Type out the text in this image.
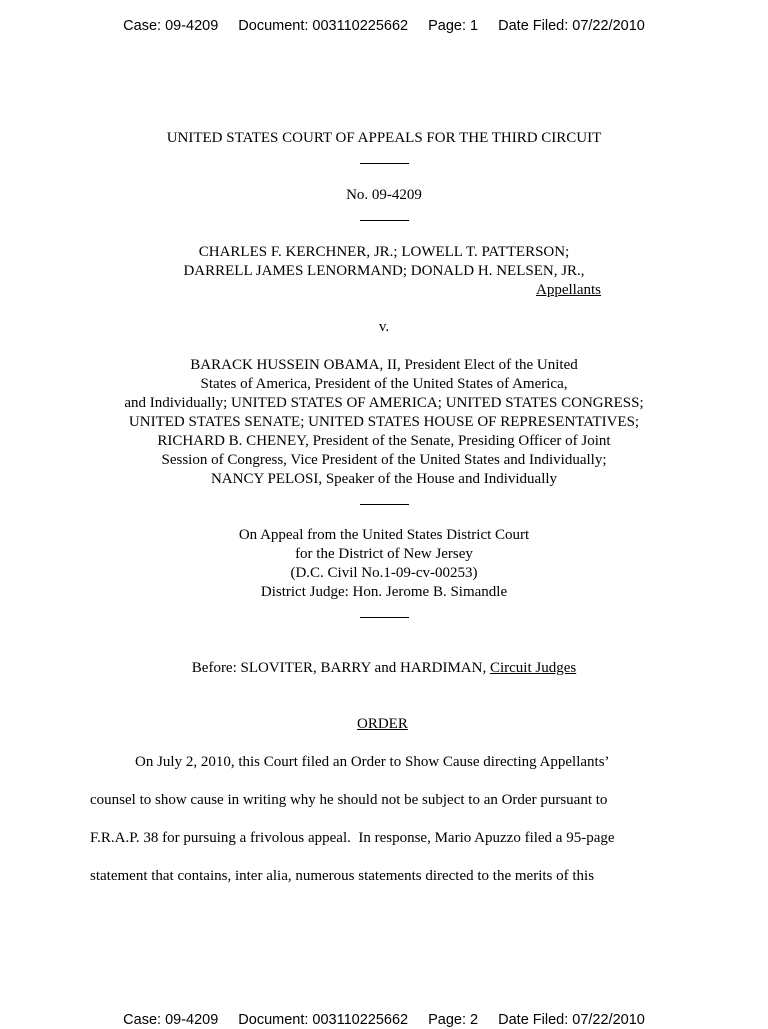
Case: 09-4209 Document: 003110225662 Page: 1 Date Filed: 07/22/2010
UNITED STATES COURT OF APPEALS FOR THE THIRD CIRCUIT
No. 09-4209
CHARLES F. KERCHNER, JR.; LOWELL T. PATTERSON;
DARRELL JAMES LENORMAND; DONALD H. NELSEN, JR.,
Appellants
v.
BARACK HUSSEIN OBAMA, II, President Elect of the United
States of America, President of the United States of America,
and Individually; UNITED STATES OF AMERICA; UNITED STATES CONGRESS;
UNITED STATES SENATE; UNITED STATES HOUSE OF REPRESENTATIVES;
RICHARD B. CHENEY, President of the Senate, Presiding Officer of Joint
Session of Congress, Vice President of the United States and Individually;
NANCY PELOSI, Speaker of the House and Individually
On Appeal from the United States District Court
for the District of New Jersey
(D.C. Civil No.1-09-cv-00253)
District Judge: Hon. Jerome B. Simandle
Before: SLOVITER, BARRY and HARDIMAN, Circuit Judges
ORDER
On July 2, 2010, this Court filed an Order to Show Cause directing Appellants’
counsel to show cause in writing why he should not be subject to an Order pursuant to
F.R.A.P. 38 for pursuing a frivolous appeal.  In response, Mario Apuzzo filed a 95-page
statement that contains, inter alia, numerous statements directed to the merits of this
Case: 09-4209 Document: 003110225662 Page: 2 Date Filed: 07/22/2010
